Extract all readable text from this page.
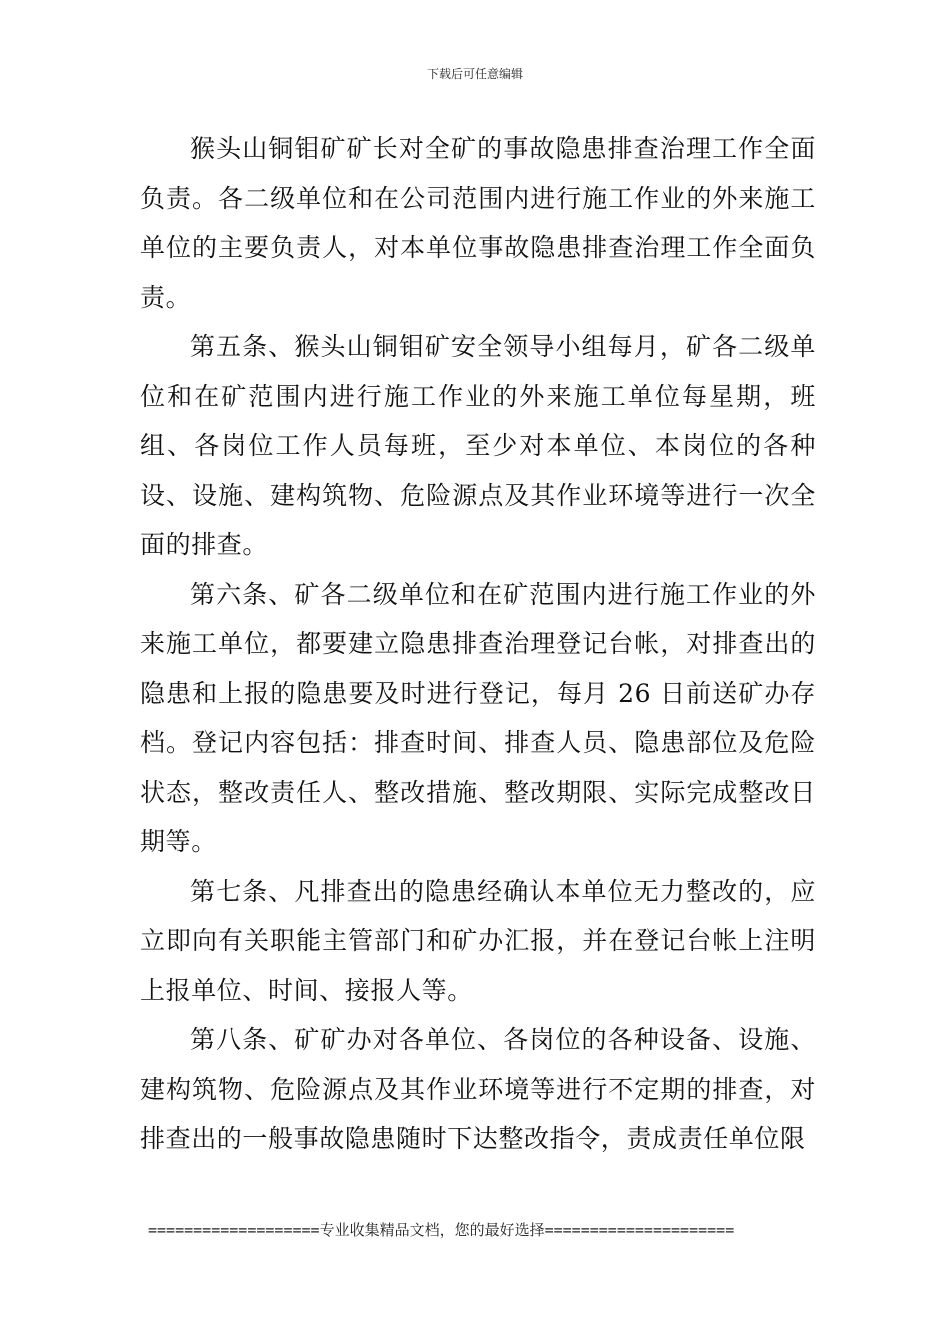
下载后可任意编辑

猴头山铜钼矿矿长对全矿的事故隐患排查治理工作全面负责。各二级单位和在公司范围内进行施工作业的外来施工单位的主要负责人，对本单位事故隐患排查治理工作全面负责。

第五条、猴头山铜钼矿安全领导小组每月，矿各二级单位和在矿范围内进行施工作业的外来施工单位每星期，班组、各岗位工作人员每班，至少对本单位、本岗位的各种设、设施、建构筑物、危险源点及其作业环境等进行一次全面的排查。

第六条、矿各二级单位和在矿范围内进行施工作业的外来施工单位，都要建立隐患排查治理登记台帐，对排查出的隐患和上报的隐患要及时进行登记，每月 26 日前送矿办存档。登记内容包括：排查时间、排查人员、隐患部位及危险状态，整改责任人、整改措施、整改期限、实际完成整改日期等。

第七条、凡排查出的隐患经确认本单位无力整改的，应立即向有关职能主管部门和矿办汇报，并在登记台帐上注明上报单位、时间、接报人等。

第八条、矿矿办对各单位、各岗位的各种设备、设施、建构筑物、危险源点及其作业环境等进行不定期的排查，对排查出的一般事故隐患随时下达整改指令，责成责任单位限

===================专业收集精品文档，您的最好选择=====================
